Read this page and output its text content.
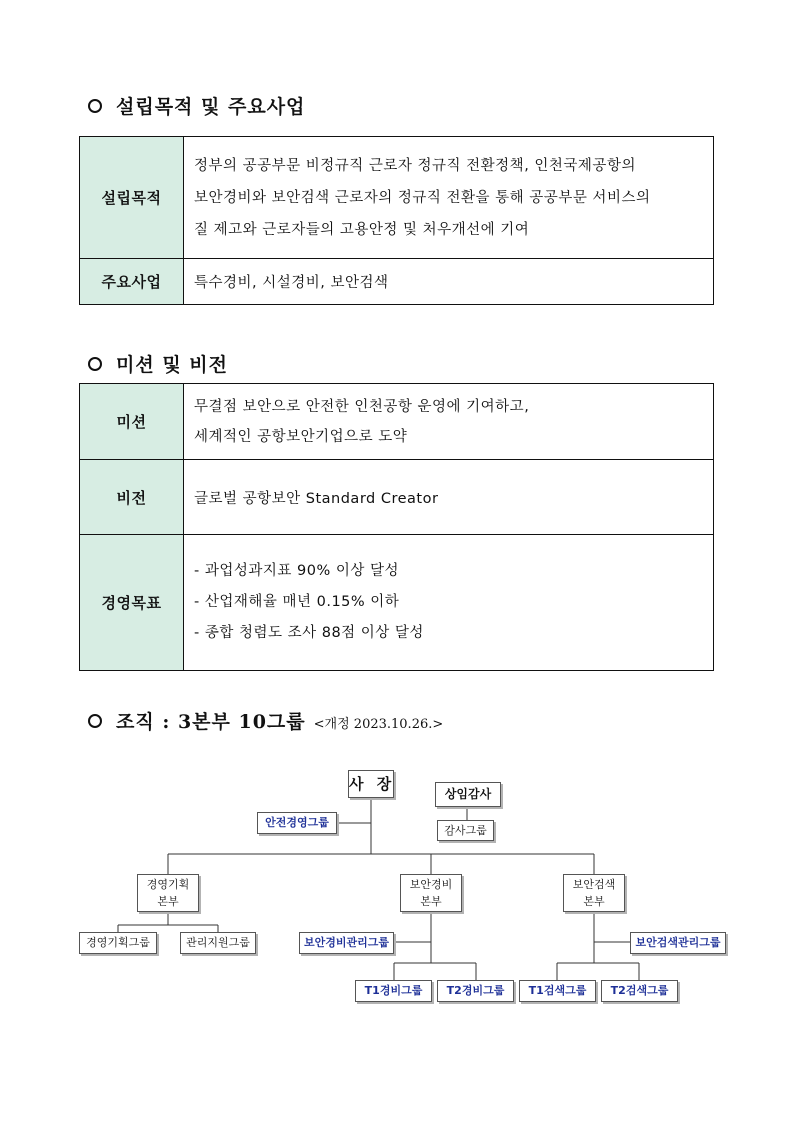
설립목적 및 주요사업
설립목적	정부의 공공부문 비정규직 근로자 정규직 전환정책, 인천국제공항의
보안경비와 보안검색 근로자의 정규직 전환을 통해 공공부문 서비스의
질 제고와 근로자들의 고용안정 및 처우개선에 기여

주요사업	특수경비, 시설경비, 보안검색
미션 및 비전
미션	무결점 보안으로 안전한 인천공항 운영에 기여하고,
세계적인 공항보안기업으로 도약

비전	글로벌 공항보안 Standard Creator

경영목표	- 과업성과지표 90% 이상 달성
- 산업재해율 매년 0.15% 이하
- 종합 청렴도 조사 88점 이상 달성
조직 : 3본부 10그룹 <개정 2023.10.26.>
사 장
상임감사
감사그룹
안전경영그룹
경영기획
본부
보안경비
본부
보안검색
본부
경영기획그룹	관리지원그룹	보안경비관리그룹	보안검색관리그룹
T1경비그룹	T2경비그룹	T1검색그룹	T2검색그룹
